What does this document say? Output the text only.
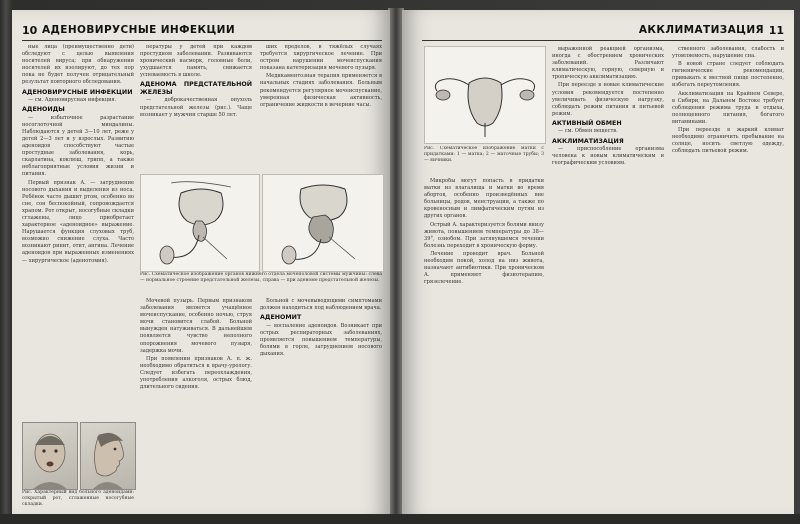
10 АДЕНОВИРУСНЫЕ ИНФЕКЦИИ

ные лица (преимущественно дети) обследуют с целью выявления носителей вируса; при обнаружении носителей их изолируют, до тех пор пока не будет получен отрицательный результат повторного обследования.

АДЕНОВИРУСНЫЕ ИНФЕКЦИИ

— см. Аденовирусная инфекция.

АДЕНОИДЫ

— избыточное разрастание носоглоточной миндалины. Наблюдаются у детей 3—10 лет, реже у детей 2—3 лет и у взрослых. Развитию аденоидов способствуют частые простудные заболевания, корь, скарлатина, коклюш, грипп, а также неблагоприятные условия жизни и питания.

Первый признак А. — затруднение носового дыхания и выделения из носа. Ребёнок часто дышит ртом, особенно во сне, сон беспокойный, сопровождается храпом. Рот открыт, носогубные складки сглажены, лицо приобретает характерное «аденоидное» выражение. Нарушается функция слуховых труб, возможно снижение слуха. Часто возникают ринит, отит, ангина. Лечение аденоидов при выраженных изменениях — хирургическое (аденотомия).

пературы у детей при каждом простудном заболевании. Развиваются хронический насморк, головные боли, ухудшается память, снижается успеваемость в школе.

АДЕНОМА ПРЕДСТАТЕЛЬНОЙ ЖЕЛЕЗЫ

— доброкачественная опухоль предстательной железы (рис.). Чаще возникает у мужчин старше 50 лет.

ших пределов, в тяжёлых случаях требуется хирургическое лечение. При остром нарушении мочеиспускания показана катетеризация мочевого пузыря.

Медикаментозная терапия применяется в начальных стадиях заболевания. Больным рекомендуется регулярное мочеиспускание, умеренная физическая активность, ограничение жидкости в вечерние часы.

Рис. Схематическое изображение органов нижнего отдела мочеполовой системы мужчины: слева — нормальное строение предстательной железы, справа — при аденоме предстательной железы.

Мочевой пузырь. Первым признаком заболевания является учащённое мочеиспускание, особенно ночью, струя мочи становится слабой. Больной вынужден натуживаться. В дальнейшем появляется чувство неполного опорожнения мочевого пузыря, задержка мочи.

При появлении признаков А. п. ж. необходимо обратиться к врачу-урологу. Следует избегать переохлаждения, употребления алкоголя, острых блюд, длительного сидения.

Больной с мочевыводящими симптомами должен находиться под наблюдением врача.

АДЕНОМИТ

— воспаление аденоидов. Возникает при острых респираторных заболеваниях, проявляется повышением температуры, болями в горле, затруднением носового дыхания.

Рис. Характерный вид больного аденоидами: открытый рот, сглаженные носогубные складки.
АККЛИМАТИЗАЦИЯ 11
Рис. Схематическое изображение матки с придатками: 1 — матка; 2 — маточные трубы; 3 — яичники.

Микробы могут попасть в придатки матки из влагалища и матки во время абортов, особенно произведённых вне больницы, родов, менструации, а также по кровеносным и лимфатическим путям из других органов.

Острый А. характеризуется болями внизу живота, повышением температуры до 38—39°, ознобом. При затянувшемся течении болезнь переходит в хроническую форму.

Лечение проводит врач. Больной необходим покой, холод на низ живота, назначают антибиотики. При хроническом А. применяют физиотерапию, грязелечение.

выраженной реакцией организма, иногда с обострением хронических заболеваний. Различают климатическую, горную, северную и тропическую акклиматизацию.

При переезде в новые климатические условия рекомендуется постепенно увеличивать физическую нагрузку, соблюдать режим питания и питьевой режим.

АКТИВНЫЙ ОБМЕН

— см. Обмен веществ.

АККЛИМАТИЗАЦИЯ

— приспособление организма человека к новым климатическим и географическим условиям.

ственного заболевания, слабость и утомляемость, нарушение сна.

В новой стране следует соблюдать гигиенические рекомендации, привыкать к местной пище постепенно, избегать переутомления.

Акклиматизация на Крайнем Севере, в Сибири, на Дальнем Востоке требует соблюдения режима труда и отдыха, полноценного питания, богатого витаминами.

При переезде в жаркий климат необходимо ограничить пребывание на солнце, носить светлую одежду, соблюдать питьевой режим.
